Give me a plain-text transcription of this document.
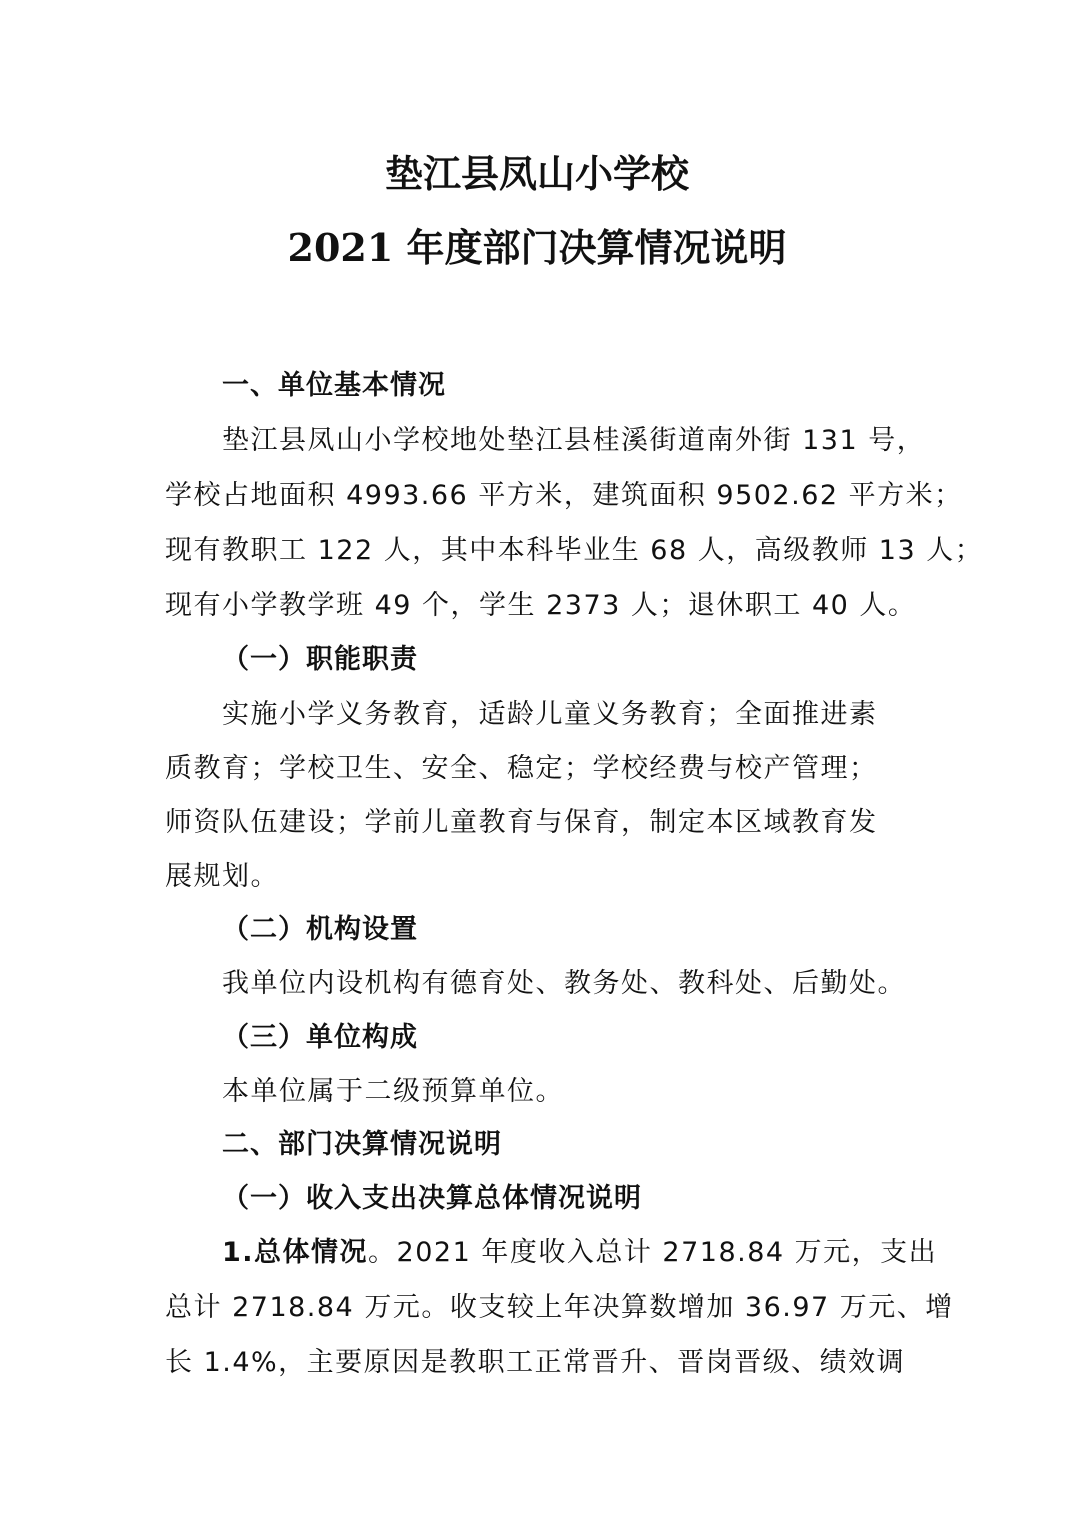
垫江县凤山小学校
2021 年度部门决算情况说明
一、单位基本情况
垫江县凤山小学校地处垫江县桂溪街道南外街 131 号，
学校占地面积 4993.66 平方米，建筑面积 9502.62 平方米；
现有教职工 122 人，其中本科毕业生 68 人，高级教师 13 人；
现有小学教学班 49 个，学生 2373 人；退休职工 40 人。
（一）职能职责
实施小学义务教育，适龄儿童义务教育；全面推进素
质教育；学校卫生、安全、稳定；学校经费与校产管理；
师资队伍建设；学前儿童教育与保育，制定本区域教育发
展规划。
（二）机构设置
我单位内设机构有德育处、教务处、教科处、后勤处。
（三）单位构成
本单位属于二级预算单位。
二、部门决算情况说明
（一）收入支出决算总体情况说明
1.总体情况。2021 年度收入总计 2718.84 万元，支出
总计 2718.84 万元。收支较上年决算数增加 36.97 万元、增
长 1.4%，主要原因是教职工正常晋升、晋岗晋级、绩效调
